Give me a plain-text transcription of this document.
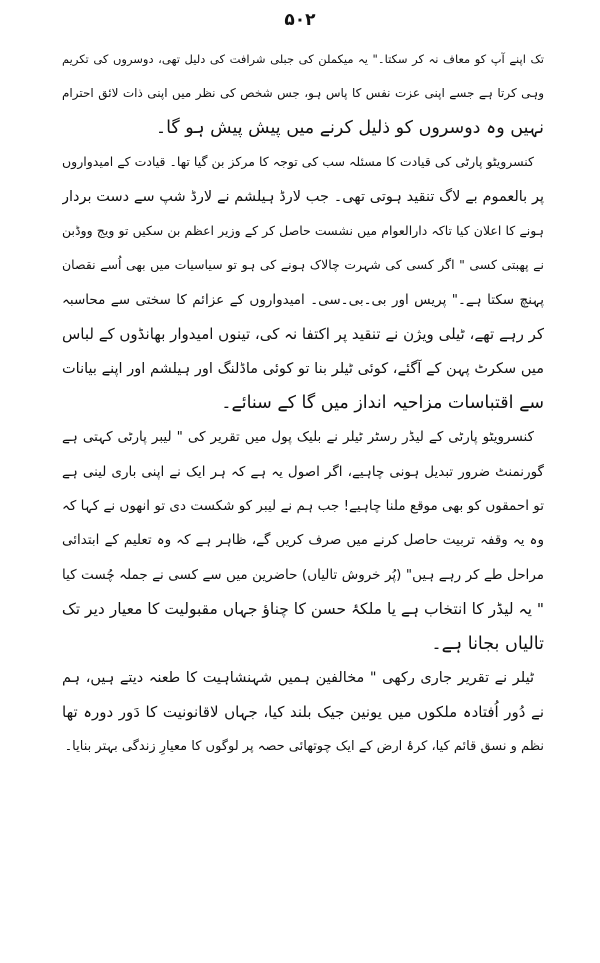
۵۰۲
تک اپنے آپ کو معاف نہ کر سکتا۔" یہ میکملن کی جبلی شرافت کی دلیل تھی، دوسروں کی تکریم
وہی کرتا ہے جسے اپنی عزت نفس کا پاس ہو، جس شخص کی نظر میں اپنی ذات لائق احترام
نہیں وہ دوسروں کو ذلیل کرنے میں پیش پیش ہو گا۔
کنسرویٹو پارٹی کی قیادت کا مسئلہ سب کی توجہ کا مرکز بن گیا تھا۔ قیادت کے امیدواروں
پر بالعموم بے لاگ تنقید ہوتی تھی۔ جب لارڈ ہیلشم نے لارڈ شپ سے دست بردار
ہونے کا اعلان کیا تاکہ دارالعوام میں نشست حاصل کر کے وزیر اعظم بن سکیں تو ویج ووڈبن
نے پھبتی کسی " اگر کسی کی شہرت چالاک ہونے کی ہو تو سیاسیات میں بھی اُسے نقصان
پہنچ سکتا ہے۔" پریس اور بی۔بی۔سی۔ امیدواروں کے عزائم کا سختی سے محاسبہ
کر رہے تھے، ٹیلی ویژن نے تنقید پر اکتفا نہ کی، تینوں امیدوار بھانڈوں کے لباس
میں سکرٹ پہن کے آگئے، کوئی ٹیلر بنا تو کوئی ماڈلنگ اور ہیلشم اور اپنے بیانات
سے اقتباسات مزاحیہ انداز میں گا کے سنائے۔
کنسرویٹو پارٹی کے لیڈر رسٹر ٹیلر نے بلیک پول میں تقریر کی " لیبر پارٹی کہتی ہے
گورنمنٹ ضرور تبدیل ہونی چاہیے، اگر اصول یہ ہے کہ ہر ایک نے اپنی باری لینی ہے
تو احمقوں کو بھی موقع ملنا چاہیے! جب ہم نے لیبر کو شکست دی تو انھوں نے کہا کہ
وہ یہ وقفہ تربیت حاصل کرنے میں صرف کریں گے، ظاہر ہے کہ وہ تعلیم کے ابتدائی
مراحل طے کر رہے ہیں" (پُر خروش تالیاں) حاضرین میں سے کسی نے جملہ چُست کیا
" یہ لیڈر کا انتخاب ہے یا ملکۂ حسن کا چناؤ جہاں مقبولیت کا معیار دیر تک
تالیاں بجانا ہے۔
ٹیلر نے تقریر جاری رکھی " مخالفین ہمیں شہنشاہیت کا طعنہ دیتے ہیں، ہم
نے دُور اُفتادہ ملکوں میں یونین جیک بلند کیا، جہاں لاقانونیت کا دَور دورہ تھا
نظم و نسق قائم کیا، کرۂ ارض کے ایک چوتھائی حصہ پر لوگوں کا معیارِ زندگی بہتر بنایا۔
